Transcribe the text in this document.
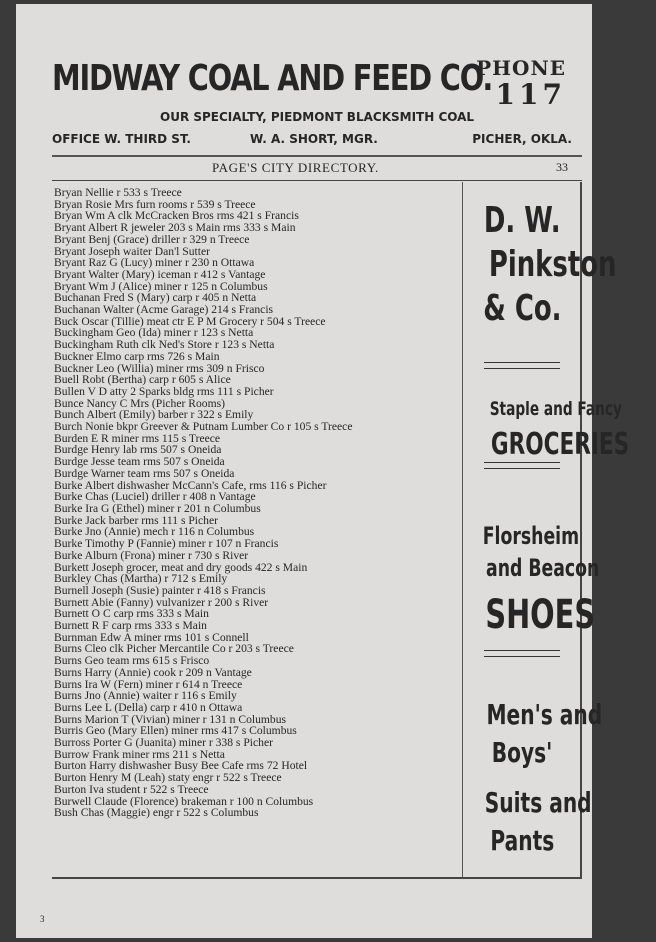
MIDWAY COAL AND FEED CO.
PHONE
117
OUR SPECIALTY, PIEDMONT BLACKSMITH COAL
OFFICE W. THIRD ST.	W. A. SHORT, MGR.	PICHER, OKLA.
PAGE'S CITY DIRECTORY.	33
Bryan Nellie r 533 s Treece
Bryan Rosie Mrs furn rooms r 539 s Treece
Bryan Wm A clk McCracken Bros rms 421 s Francis
Bryant Albert R jeweler 203 s Main rms 333 s Main
Bryant Benj (Grace) driller r 329 n Treece
Bryant Joseph waiter Dan'l Sutter
Bryant Raz G (Lucy) miner r 230 n Ottawa
Bryant Walter (Mary) iceman r 412 s Vantage
Bryant Wm J (Alice) miner r 125 n Columbus
Buchanan Fred S (Mary) carp r 405 n Netta
Buchanan Walter (Acme Garage) 214 s Francis
Buck Oscar (Tillie) meat ctr E P M Grocery r 504 s Treece
Buckingham Geo (Ida) miner r 123 s Netta
Buckingham Ruth clk Ned's Store r 123 s Netta
Buckner Elmo carp rms 726 s Main
Buckner Leo (Willia) miner rms 309 n Frisco
Buell Robt (Bertha) carp r 605 s Alice
Bullen V D atty 2 Sparks bldg rms 111 s Picher
Bunce Nancy C Mrs (Picher Rooms)
Bunch Albert (Emily) barber r 322 s Emily
Burch Nonie bkpr Greever & Putnam Lumber Co r 105 s Treece
Burden E R miner rms 115 s Treece
Burdge Henry lab rms 507 s Oneida
Burdge Jesse team rms 507 s Oneida
Burdge Warner team rms 507 s Oneida
Burke Albert dishwasher McCann's Cafe, rms 116 s Picher
Burke Chas (Luciel) driller r 408 n Vantage
Burke Ira G (Ethel) miner r 201 n Columbus
Burke Jack barber rms 111 s Picher
Burke Jno (Annie) mech r 116 n Columbus
Burke Timothy P (Fannie) miner r 107 n Francis
Burke Alburn (Frona) miner r 730 s River
Burkett Joseph grocer, meat and dry goods 422 s Main
Burkley Chas (Martha) r 712 s Emily
Burnell Joseph (Susie) painter r 418 s Francis
Burnett Abie (Fanny) vulvanizer r 200 s River
Burnett O C carp rms 333 s Main
Burnett R F carp rms 333 s Main
Burnman Edw A miner rms 101 s Connell
Burns Cleo clk Picher Mercantile Co r 203 s Treece
Burns Geo team rms 615 s Frisco
Burns Harry (Annie) cook r 209 n Vantage
Burns Ira W (Fern) miner r 614 n Treece
Burns Jno (Annie) waiter r 116 s Emily
Burns Lee L (Della) carp r 410 n Ottawa
Burns Marion T (Vivian) miner r 131 n Columbus
Burris Geo (Mary Ellen) miner rms 417 s Columbus
Burross Porter G (Juanita) miner r 338 s Picher
Burrow Frank miner rms 211 s Netta
Burton Harry dishwasher Busy Bee Cafe rms 72 Hotel
Burton Henry M (Leah) staty engr r 522 s Treece
Burton Iva student r 522 s Treece
Burwell Claude (Florence) brakeman r 100 n Columbus
Bush Chas (Maggie) engr r 522 s Columbus
D. W.
Pinkston
& Co.
Staple and Fancy
GROCERIES
Florsheim
and Beacon
SHOES
Men's and
Boys'
Suits and
Pants
3
